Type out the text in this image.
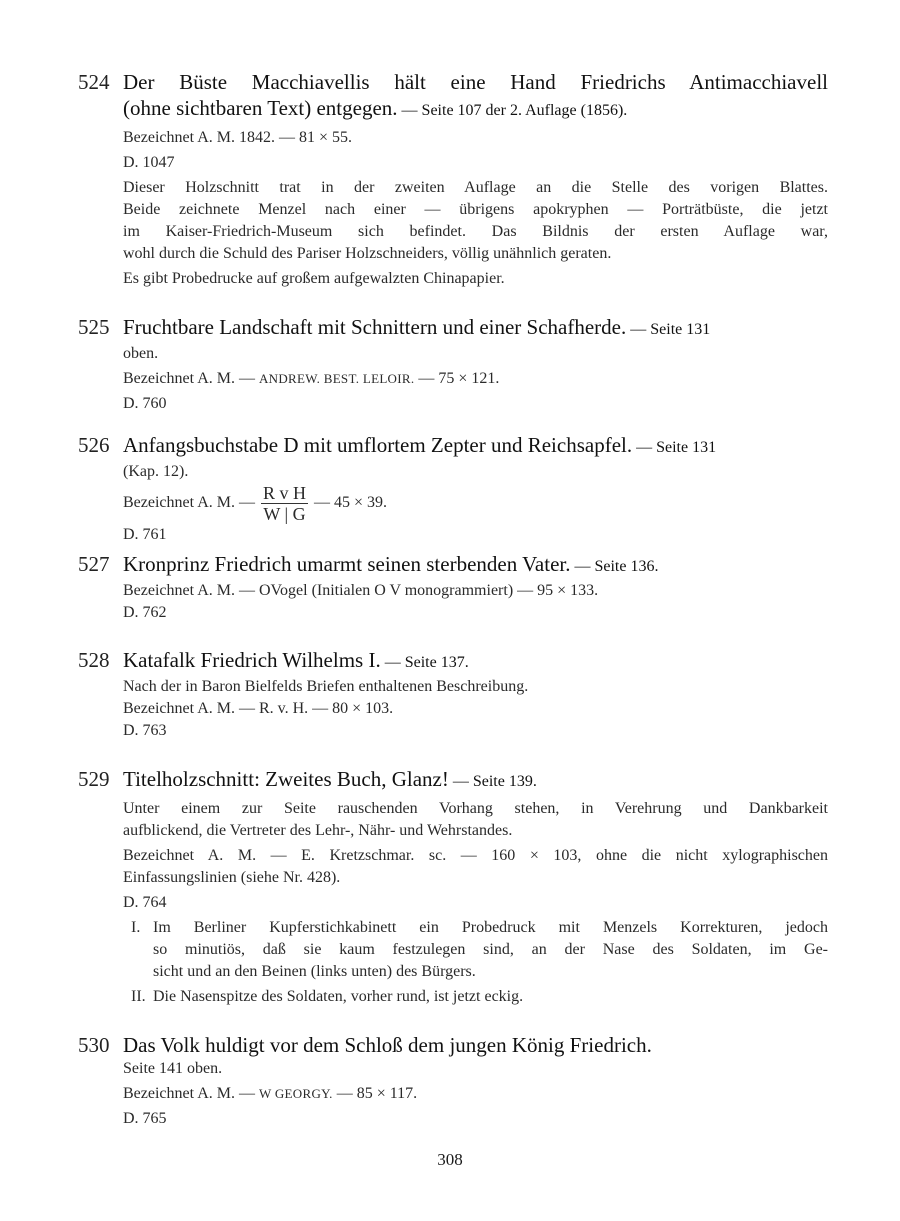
524 Der Büste Macchiavellis hält eine Hand Friedrichs Antimacchiavell
(ohne sichtbaren Text) entgegen. — Seite 107 der 2. Auflage (1856).
Bezeichnet A. M. 1842. — 81 × 55.
D. 1047
Dieser Holzschnitt trat in der zweiten Auflage an die Stelle des vorigen Blattes.
Beide zeichnete Menzel nach einer — übrigens apokryphen — Porträtbüste, die jetzt
im Kaiser-Friedrich-Museum sich befindet. Das Bildnis der ersten Auflage war,
wohl durch die Schuld des Pariser Holzschneiders, völlig unähnlich geraten.
Es gibt Probedrucke auf großem aufgewalzten Chinapapier.
525 Fruchtbare Landschaft mit Schnittern und einer Schafherde. — Seite 131
oben.
Bezeichnet A. M. — ANDREW. BEST. LELOIR. — 75 × 121.
D. 760
526 Anfangsbuchstabe D mit umflortem Zepter und Reichsapfel. — Seite 131
(Kap. 12).
Bezeichnet A. M. — $\frac{\text{R v H}}{W | G}$ — 45 × 39.
D. 761
527 Kronprinz Friedrich umarmt seinen sterbenden Vater. — Seite 136.
Bezeichnet A. M. — OVogel (Initialen O V monogrammiert) — 95 × 133.
D. 762
528 Katafalk Friedrich Wilhelms I. — Seite 137.
Nach der in Baron Bielfelds Briefen enthaltenen Beschreibung.
Bezeichnet A. M. — R. v. H. — 80 × 103.
D. 763
529 Titelholzschnitt: Zweites Buch, Glanz! — Seite 139.
Unter einem zur Seite rauschenden Vorhang stehen, in Verehrung und Dankbarkeit
aufblickend, die Vertreter des Lehr-, Nähr- und Wehrstandes.
Bezeichnet A. M. — E. Kretzschmar. sc. — 160 × 103, ohne die nicht xylographischen
Einfassungslinien (siehe Nr. 428).
D. 764
I. Im Berliner Kupferstichkabinett ein Probedruck mit Menzels Korrekturen, jedoch
so minutiös, daß sie kaum festzulegen sind, an der Nase des Soldaten, im Ge-
sicht und an den Beinen (links unten) des Bürgers.
II. Die Nasenspitze des Soldaten, vorher rund, ist jetzt eckig.
530 Das Volk huldigt vor dem Schloß dem jungen König Friedrich.
Seite 141 oben.
Bezeichnet A. M. — W GEORGY. — 85 × 117.
D. 765
308
